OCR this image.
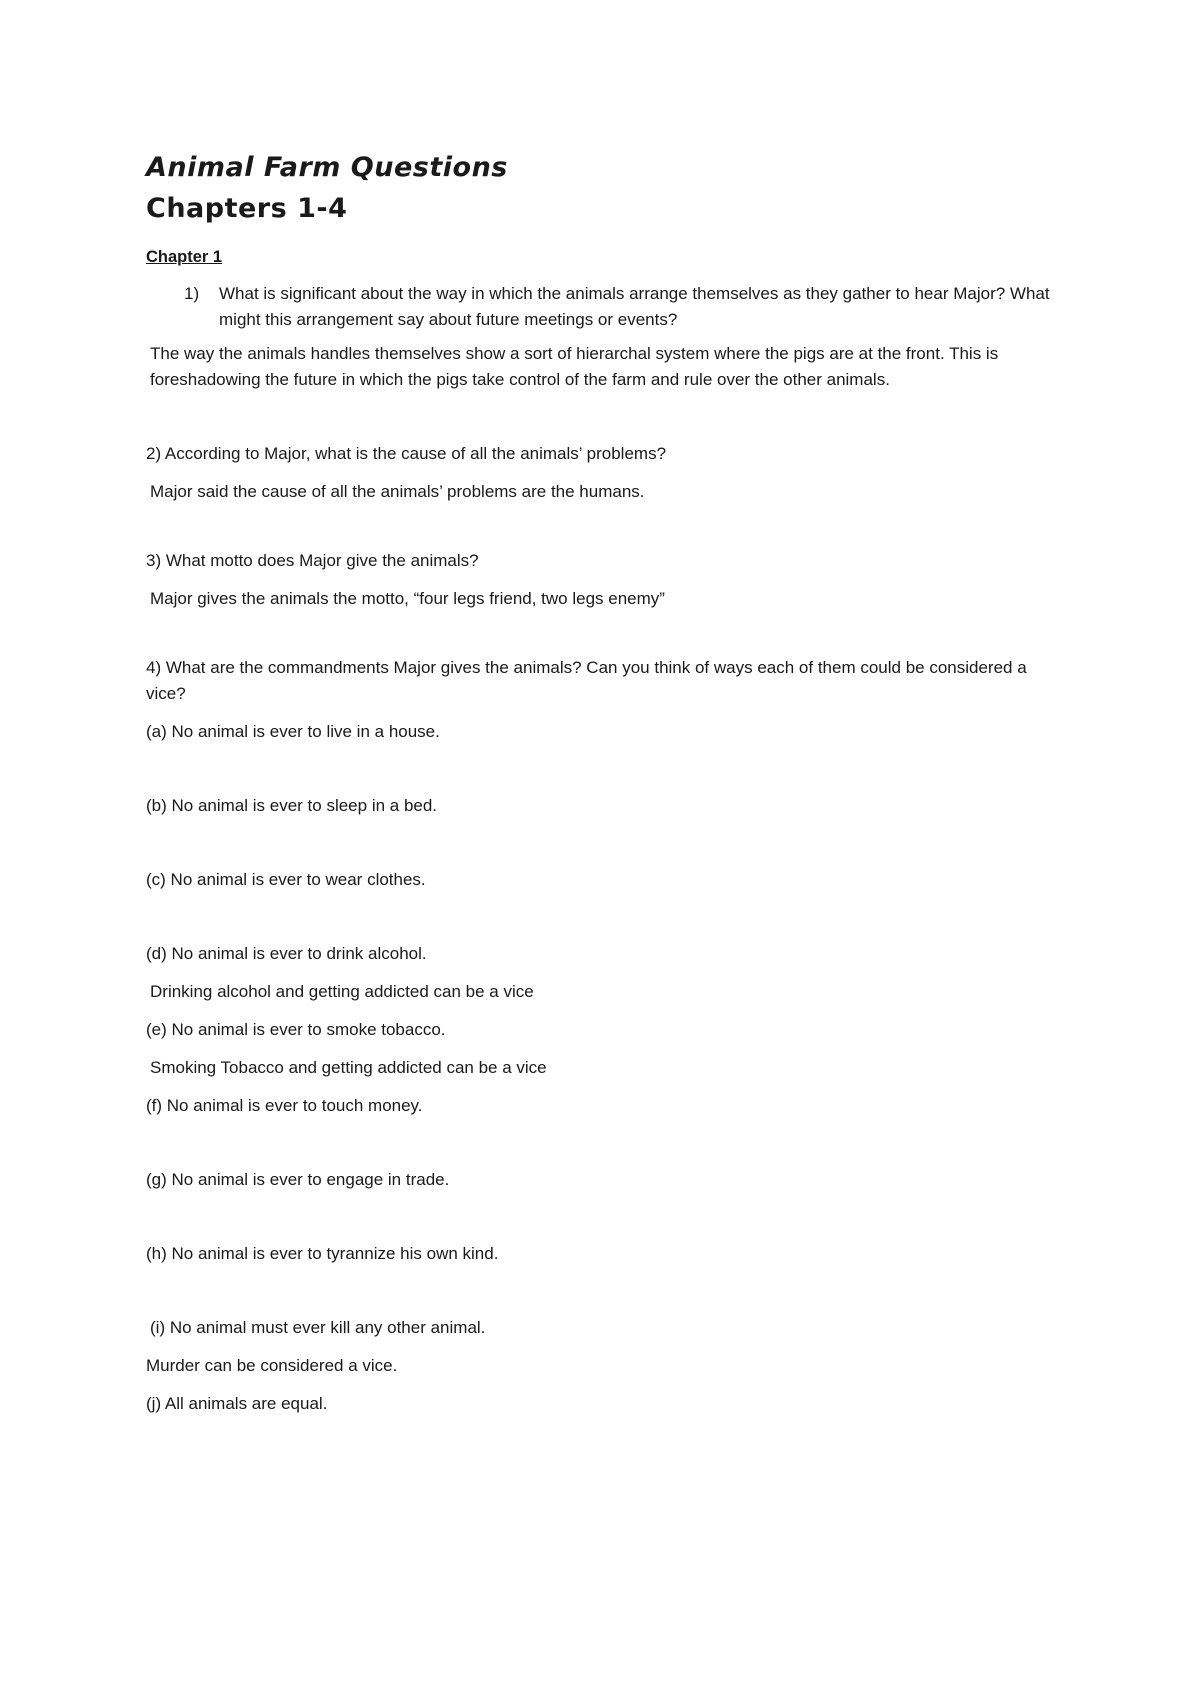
Animal Farm Questions
Chapters 1-4
Chapter 1
1)	What is significant about the way in which the animals arrange themselves as they gather to hear Major? What might this arrangement say about future meetings or events?

The way the animals handles themselves show a sort of hierarchal system where the pigs are at the front. This is foreshadowing the future in which the pigs take control of the farm and rule over the other animals.

2) According to Major, what is the cause of all the animals’ problems?

Major said the cause of all the animals’ problems are the humans.

3) What motto does Major give the animals?

Major gives the animals the motto, “four legs friend, two legs enemy”

4) What are the commandments Major gives the animals? Can you think of ways each of them could be considered a vice?

(a) No animal is ever to live in a house.

(b) No animal is ever to sleep in a bed.

(c) No animal is ever to wear clothes.

(d) No animal is ever to drink alcohol.

Drinking alcohol and getting addicted can be a vice

(e) No animal is ever to smoke tobacco.

Smoking Tobacco and getting addicted can be a vice

(f) No animal is ever to touch money.

(g) No animal is ever to engage in trade.

(h) No animal is ever to tyrannize his own kind.

(i) No animal must ever kill any other animal.

Murder can be considered a vice.

(j) All animals are equal.
